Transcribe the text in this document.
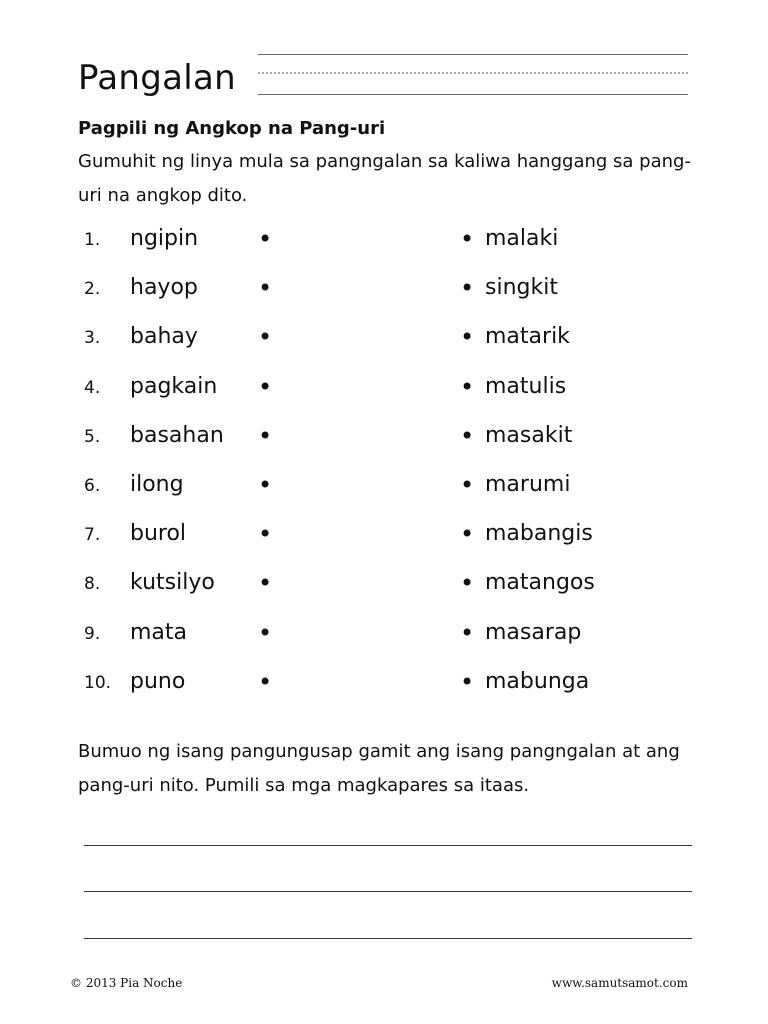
Pangalan
Pagpili ng Angkop na Pang-uri
Gumuhit ng linya mula sa pangngalan sa kaliwa hanggang sa pang-uri na angkop dito.
1. ngipin •	• malaki
2. hayop	•	• singkit
3. bahay	•	• matarik
4. pagkain •	• matulis
5. basahan •	• masakit
6. ilong	•	• marumi
7. burol	•	• mabangis
8. kutsilyo •	• matangos
9. mata	•	• masarap
10. puno	•	• mabunga
Bumuo ng isang pangungusap gamit ang isang pangngalan at ang pang-uri nito. Pumili sa mga magkapares sa itaas.
© 2013 Pia Noche	www.samutsamot.com
